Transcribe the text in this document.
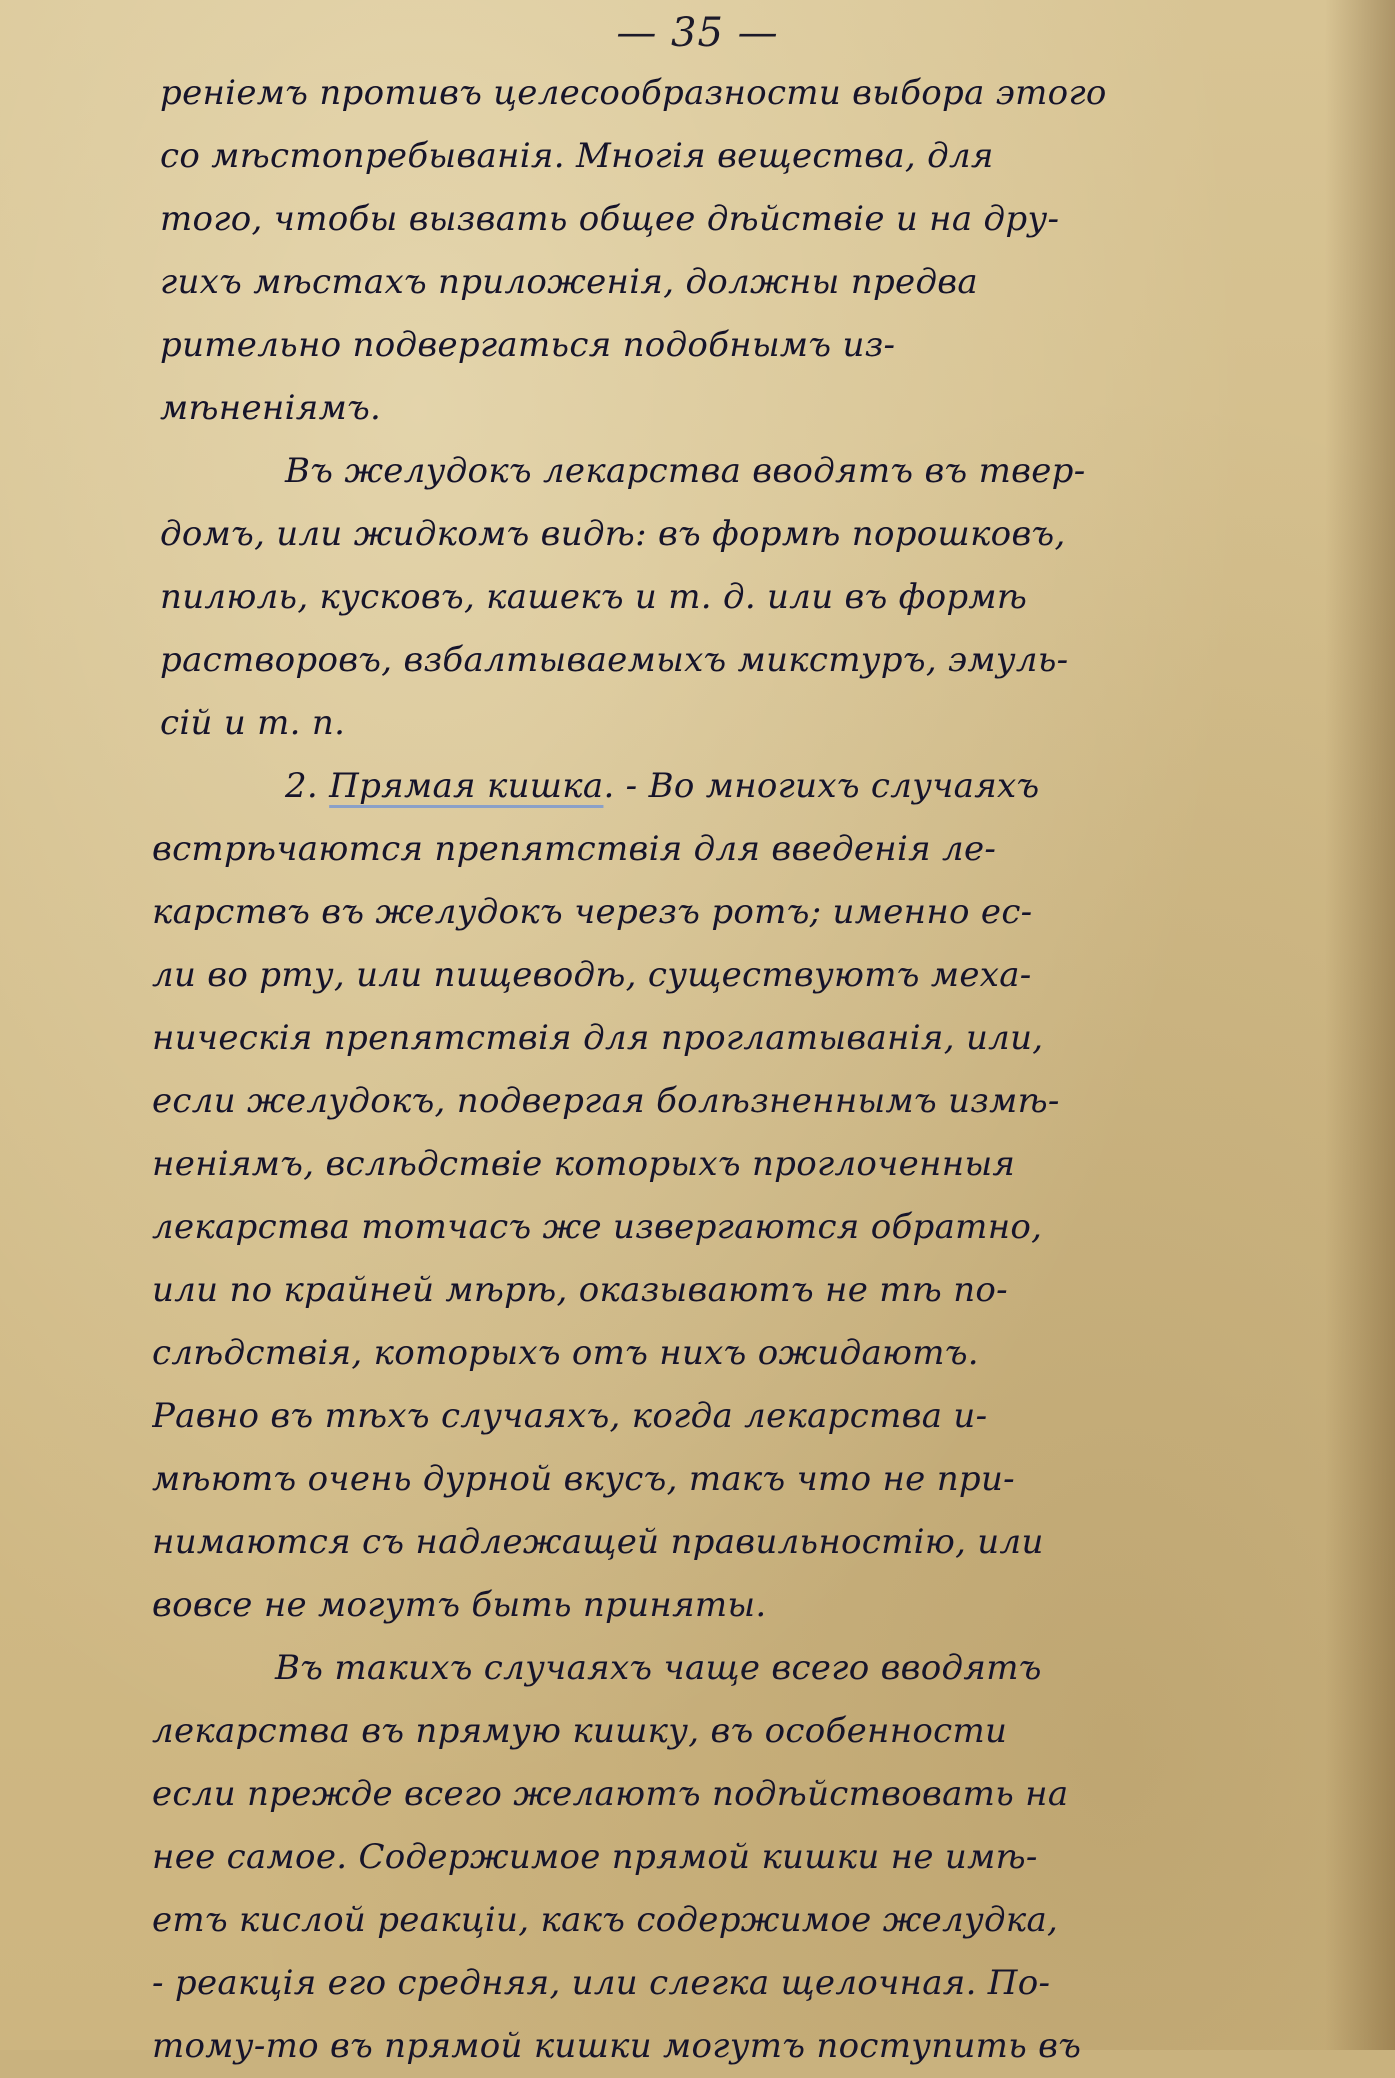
— 35 —
ренiемъ противъ целесообразности выбора этого
со мѣстопребыванiя. Многiя вещества, для
того, чтобы вызвать общее дѣйствiе и на дру-
гихъ мѣстахъ приложенiя, должны предва
рительно подвергаться подобнымъ из-
мѣненiямъ.
Въ желудокъ лекарства вводятъ въ твер-
домъ, или жидкомъ видѣ: въ формѣ порошковъ,
пилюль, кусковъ, кашекъ и т. д. или въ формѣ
растворовъ, взбалтываемыхъ микстуръ, эмуль-
сiй и т. п.
2. Прямая кишка. - Во многихъ случаяхъ
встрѣчаются препятствiя для введенiя ле-
карствъ въ желудокъ черезъ ротъ; именно ес-
ли во рту, или пищеводѣ, существуютъ меха-
ническiя препятствiя для проглатыванiя, или,
если желудокъ, подвергая болѣзненнымъ измѣ-
ненiямъ, вслѣдствiе которыхъ проглоченныя
лекарства тотчасъ же извергаются обратно,
или по крайней мѣрѣ, оказываютъ не тѣ по-
слѣдствiя, которыхъ отъ нихъ ожидаютъ.
Равно въ тѣхъ случаяхъ, когда лекарства и-
мѣютъ очень дурной вкусъ, такъ что не при-
нимаются съ надлежащей правильностiю, или
вовсе не могутъ быть приняты.
Въ такихъ случаяхъ чаще всего вводятъ
лекарства въ прямую кишку, въ особенности
если прежде всего желаютъ подѣйствовать на
нее самое. Содержимое прямой кишки не имѣ-
етъ кислой реакцiи, какъ содержимое желудка,
- реакцiя его средняя, или слегка щелочная. По-
тому-то въ прямой кишки могутъ поступить въ
